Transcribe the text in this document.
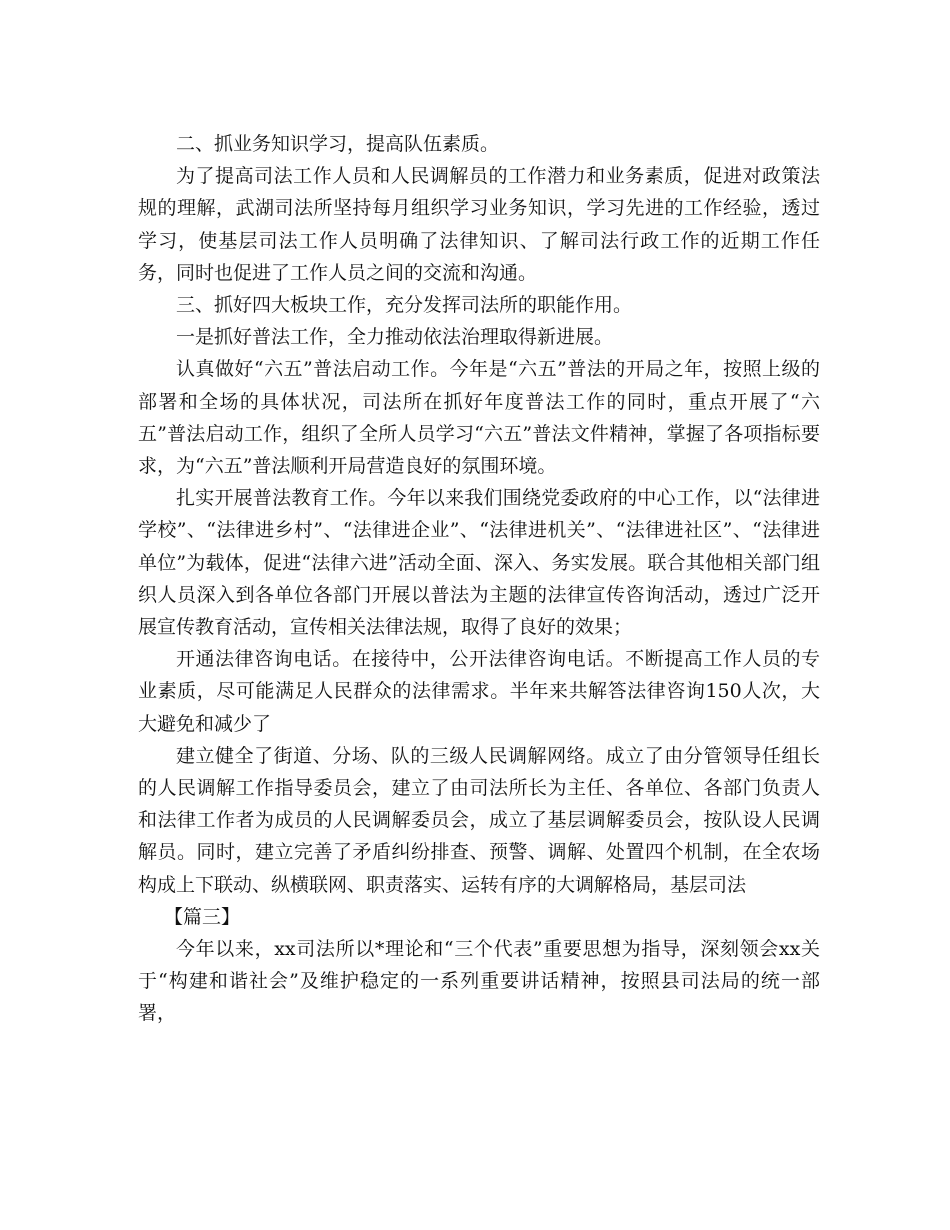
二、抓业务知识学习，提高队伍素质。

为了提高司法工作人员和人民调解员的工作潜力和业务素质，促进对政策法规的理解，武湖司法所坚持每月组织学习业务知识，学习先进的工作经验，透过学习，使基层司法工作人员明确了法律知识、了解司法行政工作的近期工作任务，同时也促进了工作人员之间的交流和沟通。

三、抓好四大板块工作，充分发挥司法所的职能作用。

一是抓好普法工作，全力推动依法治理取得新进展。

认真做好“六五”普法启动工作。今年是“六五”普法的开局之年，按照上级的部署和全场的具体状况，司法所在抓好年度普法工作的同时，重点开展了“六五”普法启动工作，组织了全所人员学习“六五”普法文件精神，掌握了各项指标要求，为“六五”普法顺利开局营造良好的氛围环境。

扎实开展普法教育工作。今年以来我们围绕党委政府的中心工作，以“法律进学校”、“法律进乡村”、“法律进企业”、“法律进机关”、“法律进社区”、“法律进单位”为载体，促进“法律六进”活动全面、深入、务实发展。联合其他相关部门组织人员深入到各单位各部门开展以普法为主题的法律宣传咨询活动，透过广泛开展宣传教育活动，宣传相关法律法规，取得了良好的效果；

开通法律咨询电话。在接待中，公开法律咨询电话。不断提高工作人员的专业素质，尽可能满足人民群众的法律需求。半年来共解答法律咨询150人次，大大避免和减少了

建立健全了街道、分场、队的三级人民调解网络。成立了由分管领导任组长的人民调解工作指导委员会，建立了由司法所长为主任、各单位、各部门负责人和法律工作者为成员的人民调解委员会，成立了基层调解委员会，按队设人民调解员。同时，建立完善了矛盾纠纷排查、预警、调解、处置四个机制，在全农场构成上下联动、纵横联网、职责落实、运转有序的大调解格局，基层司法

【篇三】

今年以来，xx司法所以*理论和“三个代表”重要思想为指导，深刻领会xx关于“构建和谐社会”及维护稳定的一系列重要讲话精神，按照县司法局的统一部署，
